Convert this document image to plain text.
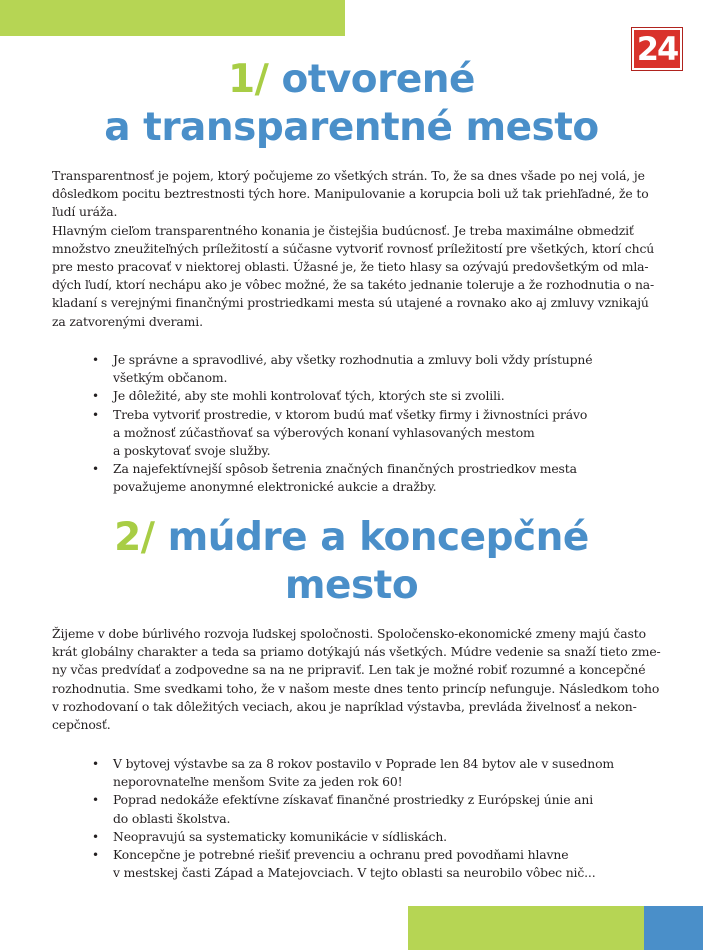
24
1/ otvorené
a transparentné mesto

Transparentnosť je pojem, ktorý počujeme zo všetkých strán. To, že sa dnes všade po nej volá, je
dôsledkom pocitu beztrestnosti tých hore. Manipulovanie a korupcia boli už tak priehľadné, že to
ľudí uráža.
Hlavným cieľom transparentného konania je čistejšia budúcnosť. Je treba maximálne obmedziť
množstvo zneužiteľných príležitostí a súčasne vytvoriť rovnosť príležitostí pre všetkých, ktorí chcú
pre mesto pracovať v niektorej oblasti. Úžasné je, že tieto hlasy sa ozývajú predovšetkým od mla-
dých ľudí, ktorí nechápu ako je vôbec možné, že sa takéto jednanie toleruje a že rozhodnutia o na-
kladaní s verejnými finančnými prostriedkami mesta sú utajené a rovnako ako aj zmluvy vznikajú
za zatvorenými dverami.

• Je správne a spravodlivé, aby všetky rozhodnutia a zmluvy boli vždy prístupné
všetkým občanom.
• Je dôležité, aby ste mohli kontrolovať tých, ktorých ste si zvolili.
• Treba vytvoriť prostredie, v ktorom budú mať všetky firmy i živnostníci právo
a možnosť zúčastňovať sa výberových konaní vyhlasovaných mestom
a poskytovať svoje služby.
• Za najefektívnejší spôsob šetrenia značných finančných prostriedkov mesta
považujeme anonymné elektronické aukcie a dražby.
2/ múdre a koncepčné
mesto

Žijeme v dobe búrlivého rozvoja ľudskej spoločnosti. Spoločensko-ekonomické zmeny majú často
krát globálny charakter a teda sa priamo dotýkajú nás všetkých. Múdre vedenie sa snaží tieto zme-
ny včas predvídať a zodpovedne sa na ne pripraviť. Len tak je možné robiť rozumné a koncepčné
rozhodnutia. Sme svedkami toho, že v našom meste dnes tento princíp nefunguje. Následkom toho
v rozhodovaní o tak dôležitých veciach, akou je napríklad výstavba, prevláda živelnosť a nekon-
cepčnosť.

• V bytovej výstavbe sa za 8 rokov postavilo v Poprade len 84 bytov ale v susednom
neporovnateľne menšom Svite za jeden rok 60!
• Poprad nedokáže efektívne získavať finančné prostriedky z Európskej únie ani
do oblasti školstva.
• Neopravujú sa systematicky komunikácie v sídliskách.
• Koncepčne je potrebné riešiť prevenciu a ochranu pred povodňami hlavne
v mestskej časti Západ a Matejovciach. V tejto oblasti sa neurobilo vôbec nič...
